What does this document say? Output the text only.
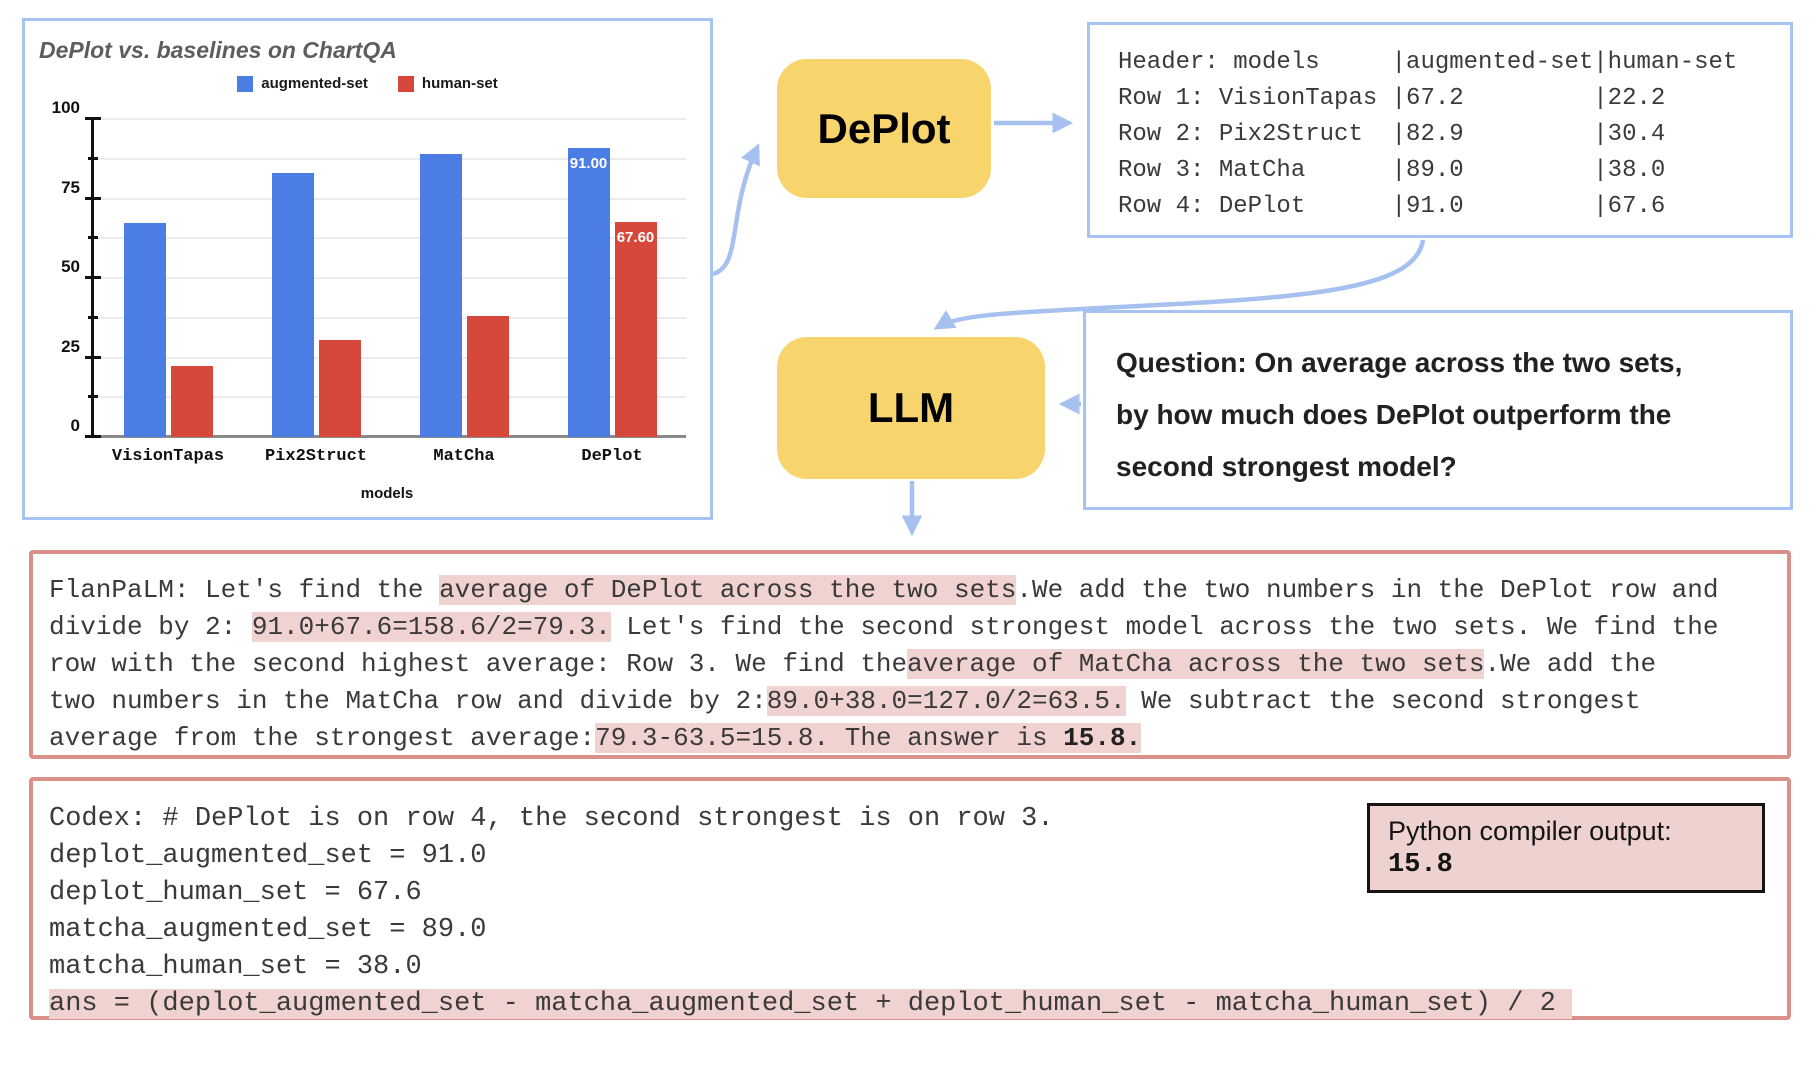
DePlot vs. baselines on ChartQA
augmented-set	human-set
0
25
50
75
100
VisionTapas Pix2Struct	MatCha
91.00
67.60
DePlot
models
DePlot
LLM
Header: models     |augmented-set|human-set
Row 1: VisionTapas |67.2         |22.2
Row 2: Pix2Struct  |82.9         |30.4
Row 3: MatCha      |89.0         |38.0
Row 4: DePlot      |91.0         |67.6
Question: On average across the two sets,
by how much does DePlot outperform the
second strongest model?
FlanPaLM: Let's find the average of DePlot across the two sets.We add the two numbers in the DePlot row and
divide by 2: 91.0+67.6=158.6/2=79.3. Let's find the second strongest model across the two sets. We find the
row with the second highest average: Row 3. We find theaverage of MatCha across the two sets.We add the
two numbers in the MatCha row and divide by 2:89.0+38.0=127.0/2=63.5. We subtract the second strongest
average from the strongest average:79.3-63.5=15.8. The answer is 15.8.
Python compiler output:
15.8
Codex: # DePlot is on row 4, the second strongest is on row 3.
deplot_augmented_set = 91.0
deplot_human_set = 67.6
matcha_augmented_set = 89.0
matcha_human_set = 38.0
ans = (deplot_augmented_set - matcha_augmented_set + deplot_human_set - matcha_human_set) / 2
